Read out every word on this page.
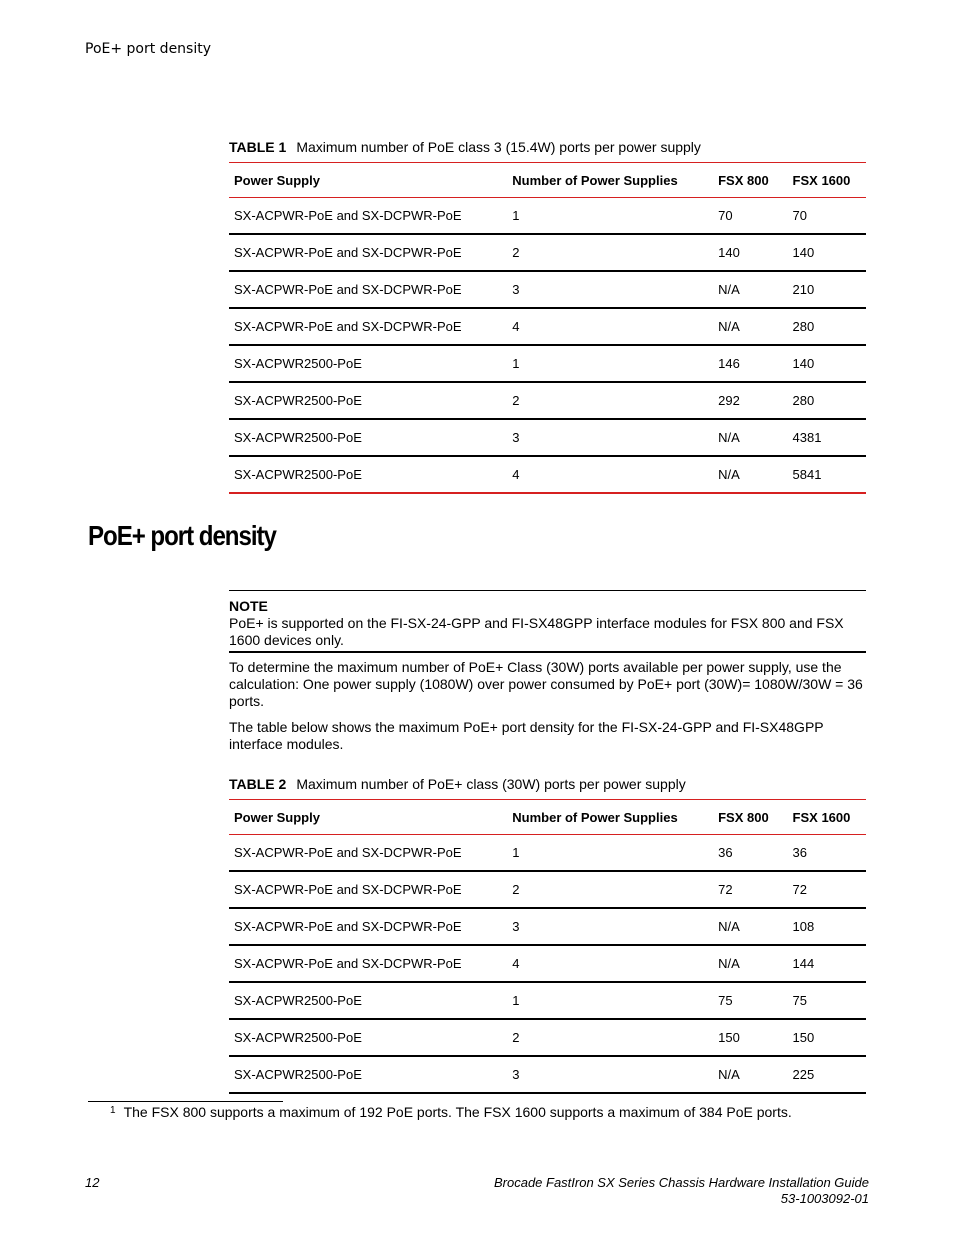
PoE+ port density
TABLE 1 Maximum number of PoE class 3 (15.4W) ports per power supply
Power Supply	Number of Power Supplies	FSX 800	FSX 1600
SX-ACPWR-PoE and SX-DCPWR-PoE	1	70	70
SX-ACPWR-PoE and SX-DCPWR-PoE	2	140	140
SX-ACPWR-PoE and SX-DCPWR-PoE	3	N/A	210
SX-ACPWR-PoE and SX-DCPWR-PoE	4	N/A	280
SX-ACPWR2500-PoE	1	146	140
SX-ACPWR2500-PoE	2	292	280
SX-ACPWR2500-PoE	3	N/A	4381
SX-ACPWR2500-PoE	4	N/A	5841
PoE+ port density
NOTE
PoE+ is supported on the FI-SX-24-GPP and FI-SX48GPP interface modules for FSX 800 and FSX 1600 devices only.

To determine the maximum number of PoE+ Class (30W) ports available per power supply, use the calculation: One power supply (1080W) over power consumed by PoE+ port (30W)= 1080W/30W = 36 ports.

The table below shows the maximum PoE+ port density for the FI-SX-24-GPP and FI-SX48GPP interface modules.

TABLE 2 Maximum number of PoE+ class (30W) ports per power supply
Power Supply	Number of Power Supplies	FSX 800	FSX 1600
SX-ACPWR-PoE and SX-DCPWR-PoE	1	36	36
SX-ACPWR-PoE and SX-DCPWR-PoE	2	72	72
SX-ACPWR-PoE and SX-DCPWR-PoE	3	N/A	108
SX-ACPWR-PoE and SX-DCPWR-PoE	4	N/A	144
SX-ACPWR2500-PoE	1	75	75
SX-ACPWR2500-PoE	2	150	150
SX-ACPWR2500-PoE	3	N/A	225
$^1$ The FSX 800 supports a maximum of 192 PoE ports. The FSX 1600 supports a maximum of 384 PoE ports.
12	Brocade FastIron SX Series Chassis Hardware Installation Guide
53-1003092-01
